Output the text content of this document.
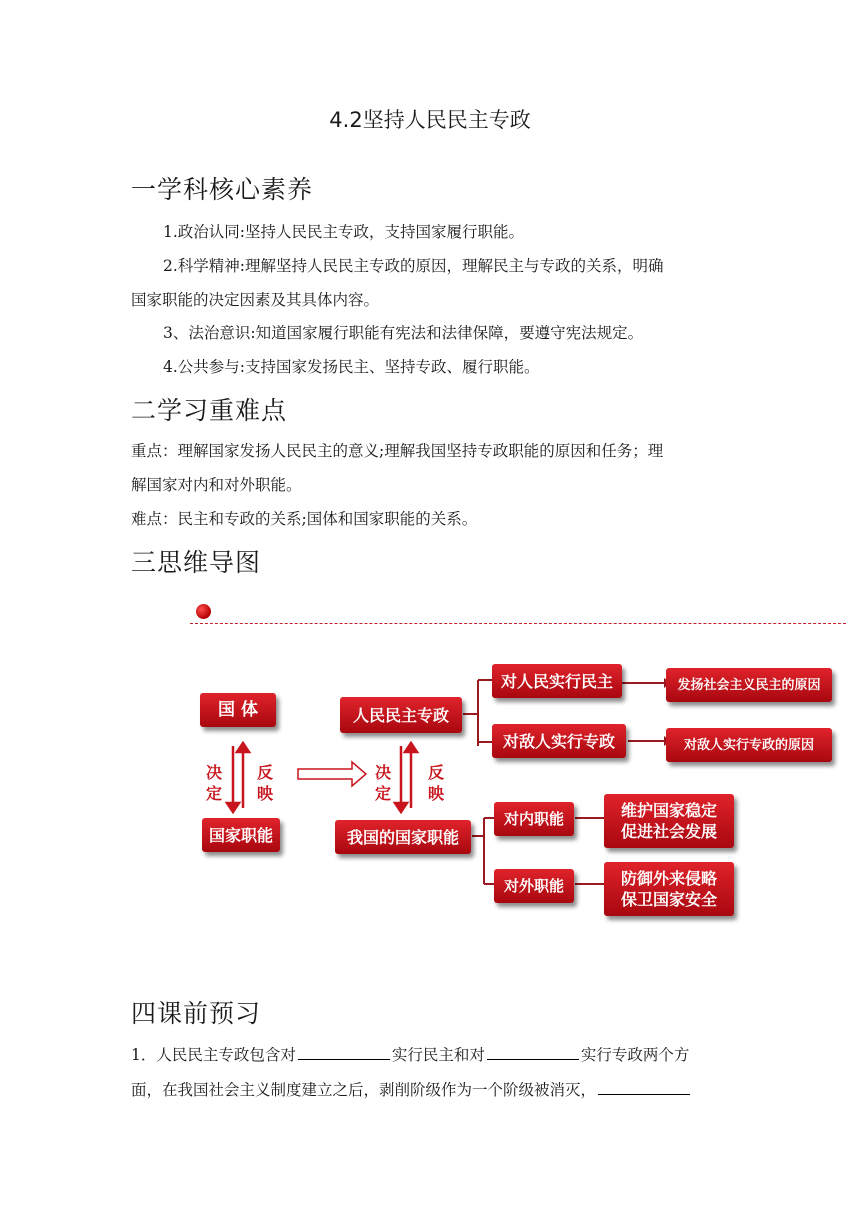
4.2坚持人民民主专政
一学科核心素养
1.政治认同:坚持人民民主专政，支持国家履行职能。
2.科学精神:理解坚持人民民主专政的原因，理解民主与专政的关系，明确
国家职能的决定因素及其具体内容。
3、法治意识:知道国家履行职能有宪法和法律保障，要遵守宪法规定。
4.公共参与:支持国家发扬民主、坚持专政、履行职能。
二学习重难点
重点：理解国家发扬人民民主的意义;理解我国坚持专政职能的原因和任务；理
解国家对内和对外职能。
难点：民主和专政的关系;国体和国家职能的关系。
三思维导图
国 体
国家职能
决定
反映
决定
反映
人民民主专政
我国的国家职能
对人民实行民主
对敌人实行专政
发扬社会主义民主的原因
对敌人实行专政的原因
对内职能
对外职能
维护国家稳定
促进社会发展
防御外来侵略
保卫国家安全
四课前预习
1．人民民主专政包含对	实行民主和对	实行专政两个方
面，在我国社会主义制度建立之后，剥削阶级作为一个阶级被消灭，
